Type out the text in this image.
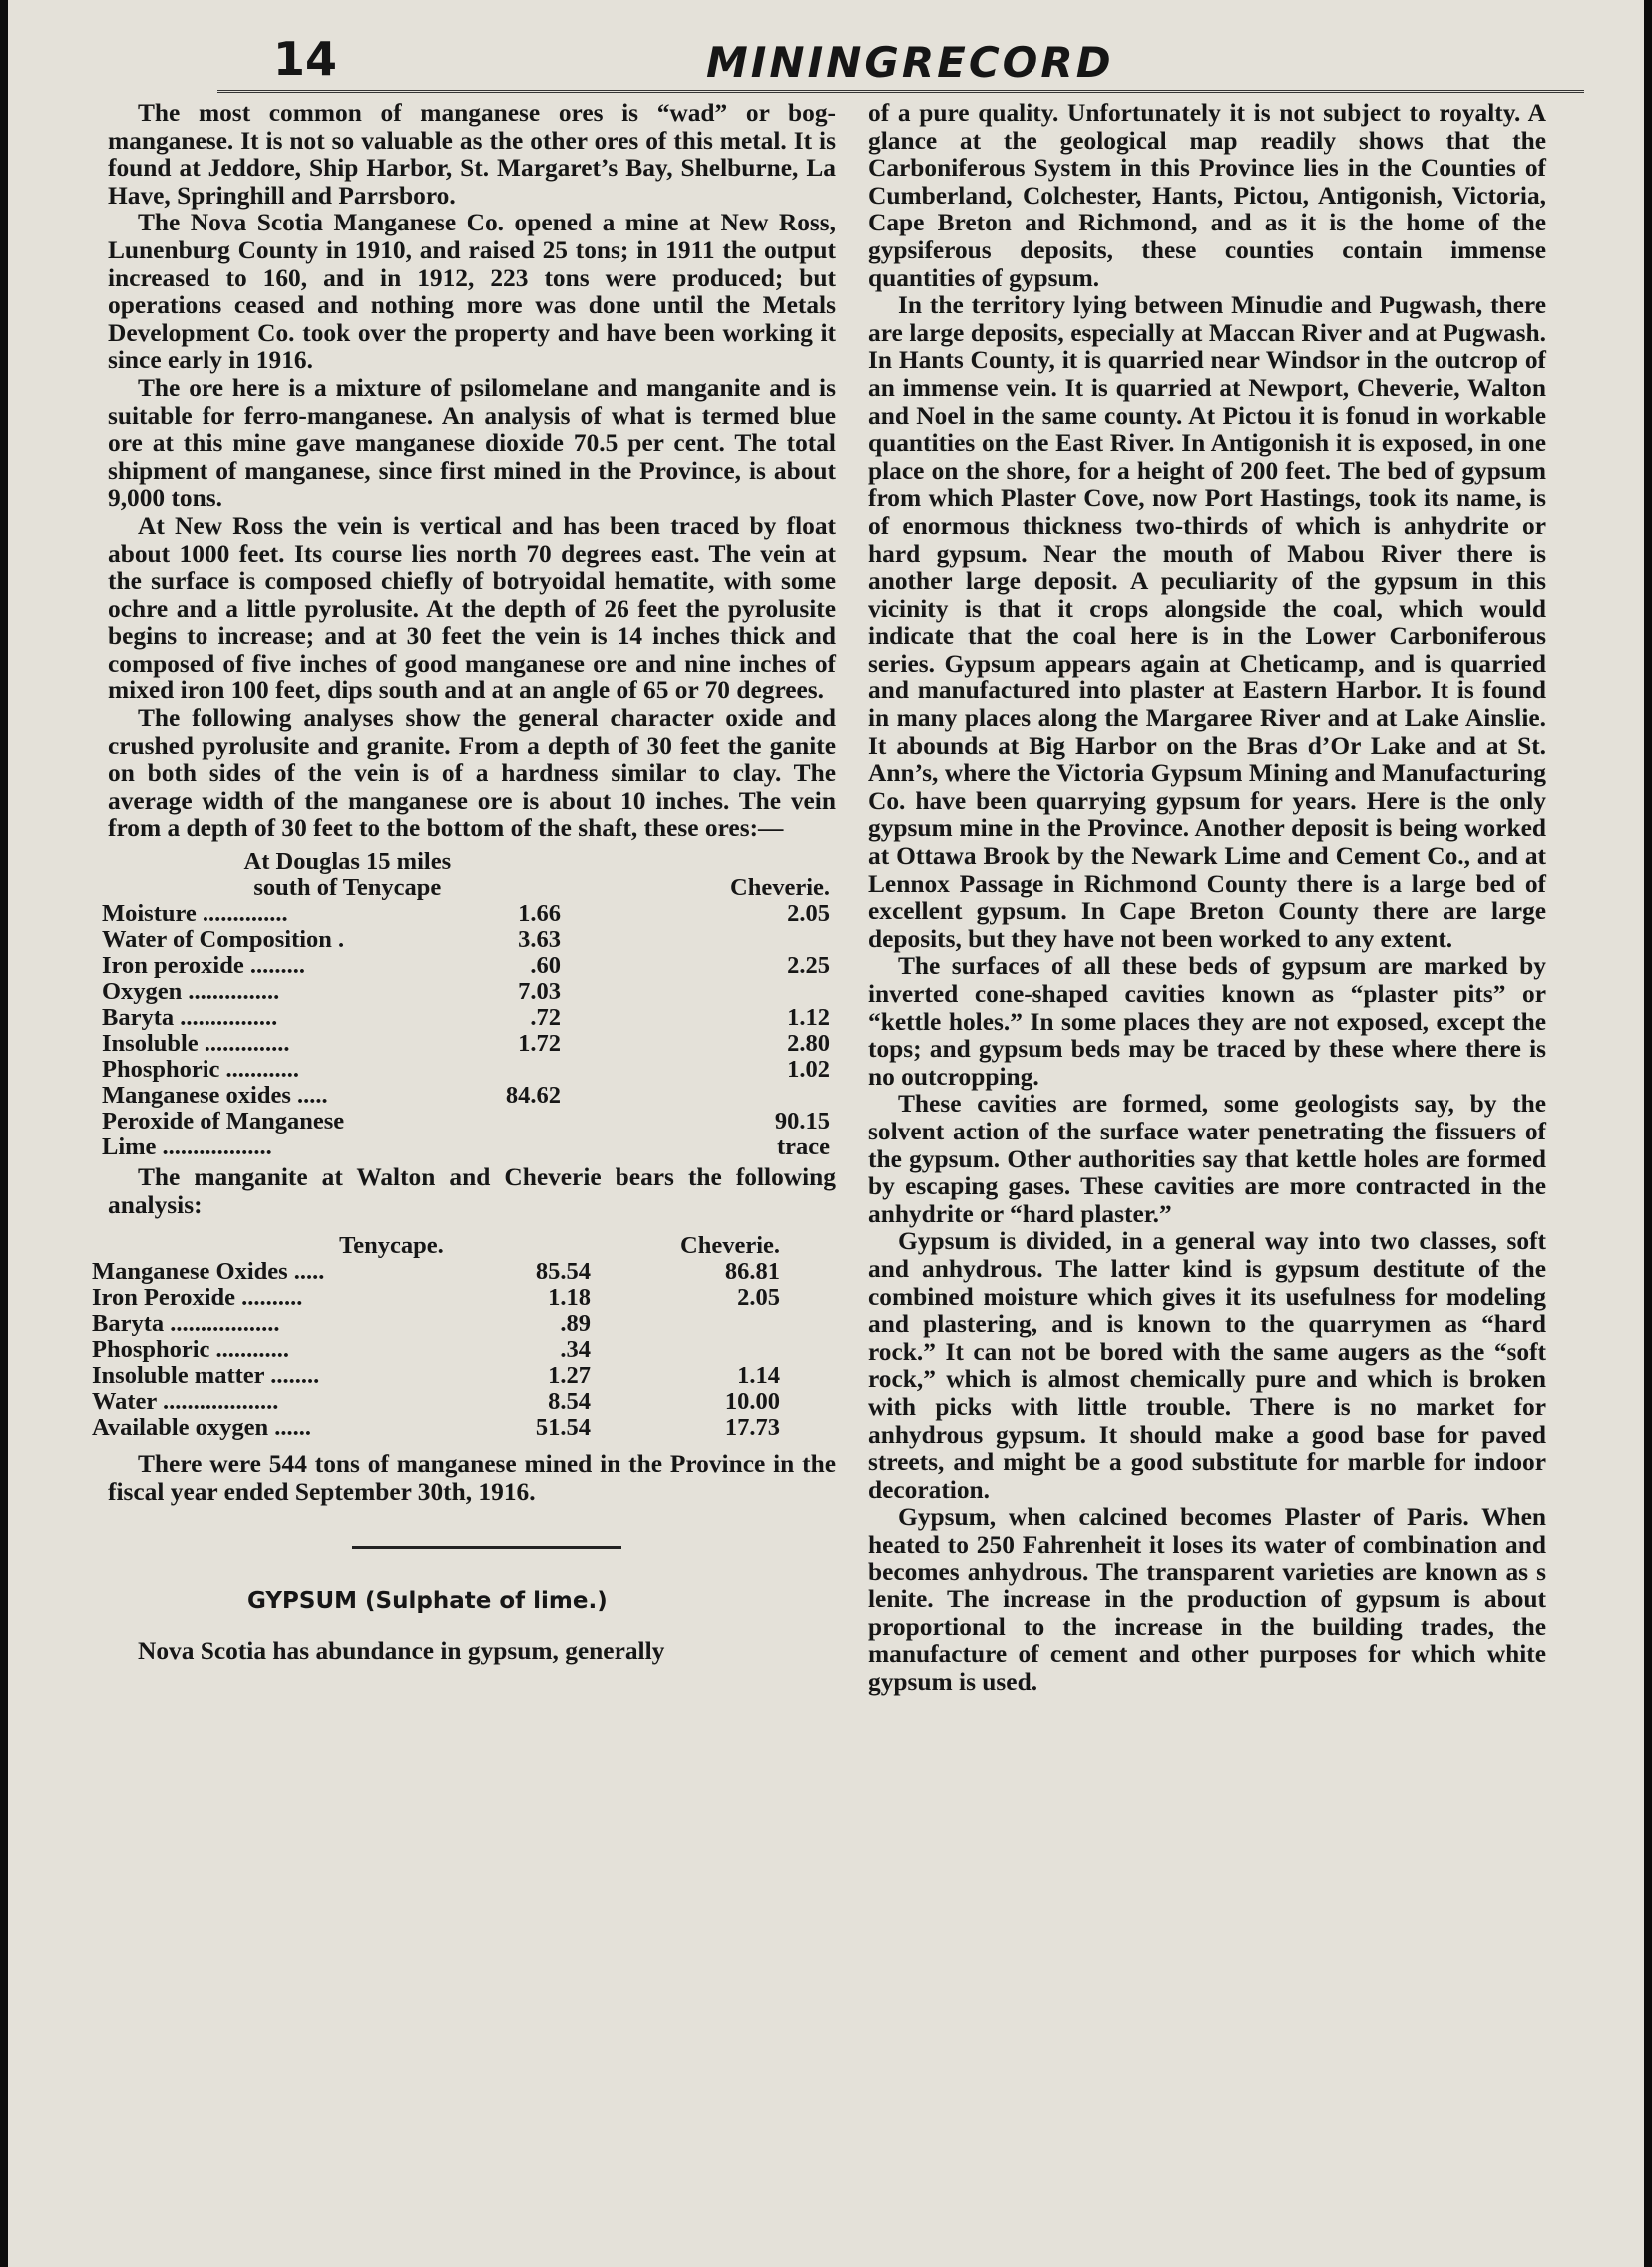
14	MININGRECORD

The most common of manganese ores is “wad” or bog-manganese. It is not so valuable as the other ores of this metal. It is found at Jeddore, Ship Harbor, St. Margaret’s Bay, Shelburne, La Have, Springhill and Parrsboro.

The Nova Scotia Manganese Co. opened a mine at New Ross, Lunenburg County in 1910, and raised 25 tons; in 1911 the output increased to 160, and in 1912, 223 tons were produced; but operations ceased and nothing more was done until the Metals Development Co. took over the property and have been working it since early in 1916.

The ore here is a mixture of psilomelane and manganite and is suitable for ferro-manganese. An analysis of what is termed blue ore at this mine gave manganese dioxide 70.5 per cent. The total shipment of manganese, since first mined in the Province, is about 9,000 tons.

At New Ross the vein is vertical and has been traced by float about 1000 feet. Its course lies north 70 degrees east. The vein at the surface is composed chiefly of botryoidal hematite, with some ochre and a little pyrolusite. At the depth of 26 feet the pyrolusite begins to increase; and at 30 feet the vein is 14 inches thick and composed of five inches of good manganese ore and nine inches of mixed iron 100 feet, dips south and at an angle of 65 or 70 degrees.

The following analyses show the general character oxide and crushed pyrolusite and granite. From a depth of 30 feet the ganite on both sides of the vein is of a hardness similar to clay. The average width of the manganese ore is about 10 inches. The vein from a depth of 30 feet to the bottom of the shaft, these ores:—

	At Douglas 15 miles
south of Tenycape	Cheverie.
Moisture ..............	1.66	2.05
Water of Composition .	3.63	
Iron peroxide .........	.60	2.25
Oxygen ...............	7.03	
Baryta ................	.72	1.12
Insoluble ..............	1.72	2.80
Phosphoric ............		1.02
Manganese oxides .....	84.62	
Peroxide of Manganese		90.15
Lime ..................		trace

The manganite at Walton and Cheverie bears the following analysis:

	Tenycape.	Cheverie.
Manganese Oxides .....	85.54	86.81
Iron Peroxide ..........	1.18	2.05
Baryta ..................	.89	
Phosphoric ............	.34	
Insoluble matter ........	1.27	1.14
Water ...................	8.54	10.00
Available oxygen ......	51.54	17.73

There were 544 tons of manganese mined in the Province in the fiscal year ended September 30th, 1916.

GYPSUM (Sulphate of lime.)

Nova Scotia has abundance in gypsum, generally

of a pure quality. Unfortunately it is not subject to royalty. A glance at the geological map readily shows that the Carboniferous System in this Province lies in the Counties of Cumberland, Colchester, Hants, Pictou, Antigonish, Victoria, Cape Breton and Richmond, and as it is the home of the gypsiferous deposits, these counties contain immense quantities of gypsum.

In the territory lying between Minudie and Pugwash, there are large deposits, especially at Maccan River and at Pugwash. In Hants County, it is quarried near Windsor in the outcrop of an immense vein. It is quarried at Newport, Cheverie, Walton and Noel in the same county. At Pictou it is fonud in workable quantities on the East River. In Antigonish it is exposed, in one place on the shore, for a height of 200 feet. The bed of gypsum from which Plaster Cove, now Port Hastings, took its name, is of enormous thickness two-thirds of which is anhydrite or hard gypsum. Near the mouth of Mabou River there is another large deposit. A peculiarity of the gypsum in this vicinity is that it crops alongside the coal, which would indicate that the coal here is in the Lower Carboniferous series. Gypsum appears again at Cheticamp, and is quarried and manufactured into plaster at Eastern Harbor. It is found in many places along the Margaree River and at Lake Ainslie. It abounds at Big Harbor on the Bras d’Or Lake and at St. Ann’s, where the Victoria Gypsum Mining and Manufacturing Co. have been quarrying gypsum for years. Here is the only gypsum mine in the Province. Another deposit is being worked at Ottawa Brook by the Newark Lime and Cement Co., and at Lennox Passage in Richmond County there is a large bed of excellent gypsum. In Cape Breton County there are large deposits, but they have not been worked to any extent.

The surfaces of all these beds of gypsum are marked by inverted cone-shaped cavities known as “plaster pits” or “kettle holes.” In some places they are not exposed, except the tops; and gypsum beds may be traced by these where there is no outcropping.

These cavities are formed, some geologists say, by the solvent action of the surface water penetrating the fissuers of the gypsum. Other authorities say that kettle holes are formed by escaping gases. These cavities are more contracted in the anhydrite or “hard plaster.”

Gypsum is divided, in a general way into two classes, soft and anhydrous. The latter kind is gypsum destitute of the combined moisture which gives it its usefulness for modeling and plastering, and is known to the quarrymen as “hard rock.” It can not be bored with the same augers as the “soft rock,” which is almost chemically pure and which is broken with picks with little trouble. There is no market for anhydrous gypsum. It should make a good base for paved streets, and might be a good substitute for marble for indoor decoration.

Gypsum, when calcined becomes Plaster of Paris. When heated to 250 Fahrenheit it loses its water of combination and becomes anhydrous. The transparent varieties are known as s lenite. The increase in the production of gypsum is about proportional to the increase in the building trades, the manufacture of cement and other purposes for which white gypsum is used.
